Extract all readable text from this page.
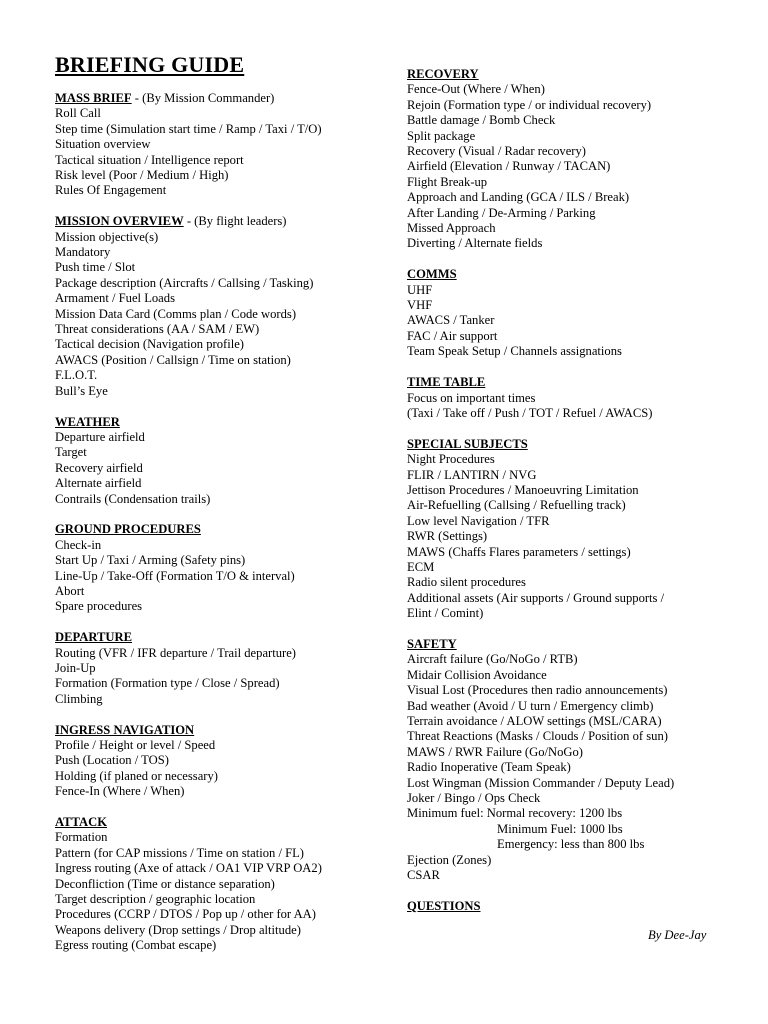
BRIEFING GUIDE
MASS BRIEF - (By Mission Commander)
Roll Call
Step time (Simulation start time / Ramp / Taxi / T/O)
Situation overview
Tactical situation / Intelligence report
Risk level (Poor / Medium / High)
Rules Of Engagement
MISSION OVERVIEW - (By flight leaders)
Mission objective(s)
Mandatory
Push time / Slot
Package description (Aircrafts / Callsing / Tasking)
Armament / Fuel Loads
Mission Data Card (Comms plan / Code words)
Threat considerations (AA / SAM / EW)
Tactical decision (Navigation profile)
AWACS (Position / Callsign / Time on station)
F.L.O.T.
Bull’s Eye
WEATHER
Departure airfield
Target
Recovery airfield
Alternate airfield
Contrails (Condensation trails)
GROUND PROCEDURES
Check-in
Start Up / Taxi / Arming (Safety pins)
Line-Up / Take-Off (Formation T/O & interval)
Abort
Spare procedures
DEPARTURE
Routing (VFR / IFR departure / Trail departure)
Join-Up
Formation (Formation type / Close / Spread)
Climbing
INGRESS NAVIGATION
Profile / Height or level / Speed
Push (Location / TOS)
Holding (if planed or necessary)
Fence-In (Where / When)
ATTACK
Formation
Pattern (for CAP missions / Time on station / FL)
Ingress routing (Axe of attack / OA1 VIP VRP OA2)
Deconfliction (Time or distance separation)
Target description / geographic location
Procedures (CCRP / DTOS / Pop up / other for AA)
Weapons delivery (Drop settings / Drop altitude)
Egress routing (Combat escape)
RECOVERY
Fence-Out (Where / When)
Rejoin (Formation type / or individual recovery)
Battle damage / Bomb Check
Split package
Recovery (Visual / Radar recovery)
Airfield (Elevation / Runway / TACAN)
Flight Break-up
Approach and Landing (GCA / ILS / Break)
After Landing / De-Arming / Parking
Missed Approach
Diverting / Alternate fields
COMMS
UHF
VHF
AWACS / Tanker
FAC / Air support
Team Speak Setup / Channels assignations
TIME TABLE
Focus on important times
(Taxi / Take off / Push / TOT / Refuel / AWACS)
SPECIAL SUBJECTS
Night Procedures
FLIR / LANTIRN / NVG
Jettison Procedures / Manoeuvring Limitation
Air-Refuelling (Callsing / Refuelling track)
Low level Navigation / TFR
RWR (Settings)
MAWS (Chaffs Flares parameters / settings)
ECM
Radio silent procedures
Additional assets (Air supports / Ground supports /
Elint / Comint)
SAFETY
Aircraft failure (Go/NoGo / RTB)
Midair Collision Avoidance
Visual Lost (Procedures then radio announcements)
Bad weather (Avoid / U turn / Emergency climb)
Terrain avoidance / ALOW settings (MSL/CARA)
Threat Reactions (Masks / Clouds / Position of sun)
MAWS / RWR Failure (Go/NoGo)
Radio Inoperative (Team Speak)
Lost Wingman (Mission Commander / Deputy Lead)
Joker / Bingo / Ops Check
Minimum fuel: Normal recovery: 1200 lbs
Minimum Fuel: 1000 lbs
Emergency: less than 800 lbs
Ejection (Zones)
CSAR
QUESTIONS
By Dee-Jay
